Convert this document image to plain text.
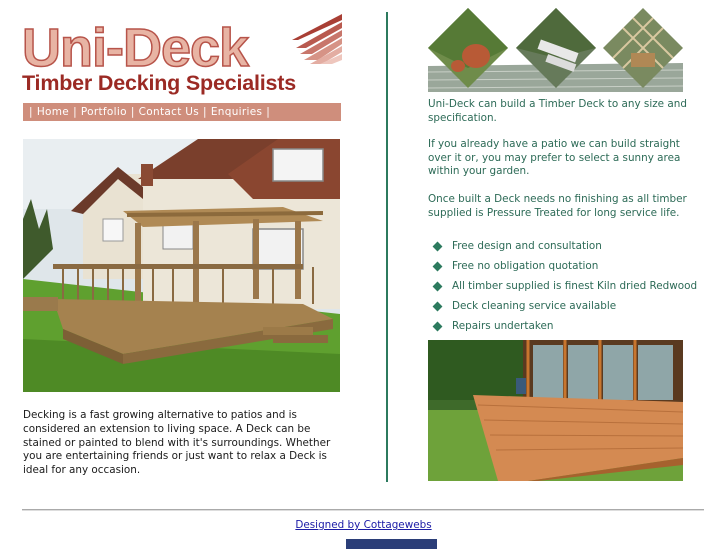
Uni-Deck
Timber Decking Specialists
| Home | Portfolio | Contact Us | Enquiries |
Decking is a fast growing alternative to patios and is considered an extension to living space. A Deck can be stained or painted to blend with it's surroundings. Whether you are entertaining friends or just want to relax a Deck is ideal for any occasion.
Uni-Deck can build a Timber Deck to any size and specification.
If you already have a patio we can build straight over it or, you may prefer to select a sunny area within your garden.
Once built a Deck needs no finishing as all timber supplied is Pressure Treated for long service life.
Free design and consultation
Free no obligation quotation
All timber supplied is finest Kiln dried Redwood
Deck cleaning service available
Repairs undertaken
Designed by Cottagewebs
